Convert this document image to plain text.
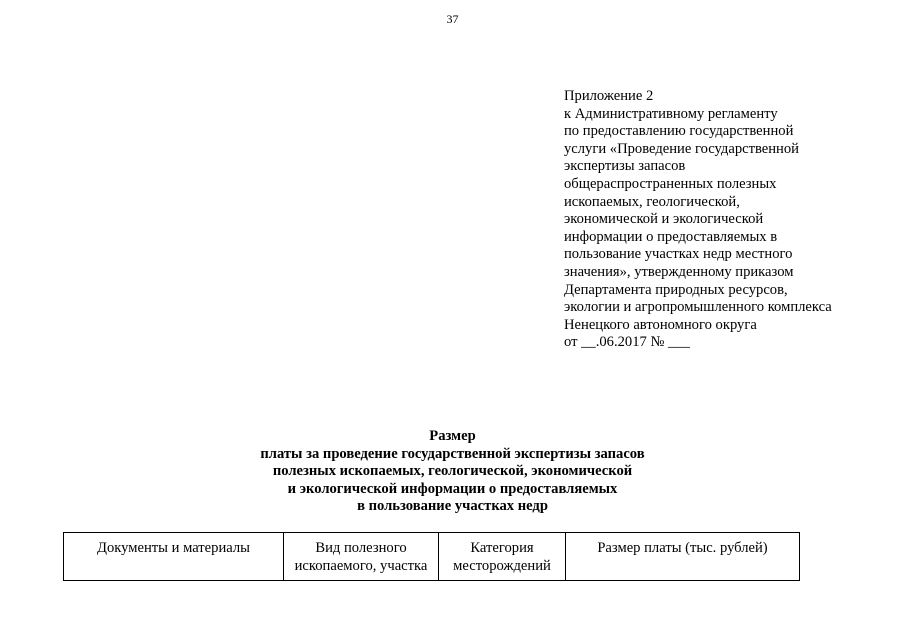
37
Приложение 2
к Административному регламенту
по предоставлению государственной
услуги «Проведение государственной
экспертизы запасов
общераспространенных полезных
ископаемых, геологической,
экономической и экологической
информации о предоставляемых в
пользование участках недр местного
значения», утвержденному приказом
Департамента природных ресурсов,
экологии и агропромышленного комплекса
Ненецкого автономного округа
от __.06.2017 № ___
Размер
платы за проведение государственной экспертизы запасов
полезных ископаемых, геологической, экономической
и экологической информации о предоставляемых
в пользование участках недр
Документы и материалы	Вид полезного ископаемого, участка	Категория месторождений	Размер платы (тыс. рублей)
